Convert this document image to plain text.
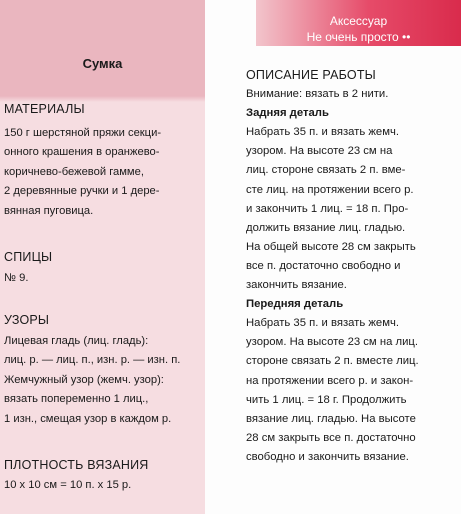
Сумка
МАТЕРИАЛЫ
150 г шерстяной пряжи секци-
онного крашения в оранжево-
коричнево-бежевой гамме,
2 деревянные ручки и 1 дере-
вянная пуговица.
СПИЦЫ
№ 9.
УЗОРЫ
Лицевая гладь (лиц. гладь):
лиц. р. — лиц. п., изн. р. — изн. п.
Жемчужный узор (жемч. узор):
вязать попеременно 1 лиц.,
1 изн., смещая узор в каждом р.
ПЛОТНОСТЬ ВЯЗАНИЯ
10 х 10 см = 10 п. х 15 р.
Аксессуар
Не очень просто ••
ОПИСАНИЕ РАБОТЫ
Внимание: вязать в 2 нити.
Задняя деталь
Набрать 35 п. и вязать жемч.
узором. На высоте 23 см на
лиц. стороне связать 2 п. вме-
сте лиц. на протяжении всего р.
и закончить 1 лиц. = 18 п. Про-
должить вязание лиц. гладью.
На общей высоте 28 см закрыть
все п. достаточно свободно и
закончить вязание.
Передняя деталь
Набрать 35 п. и вязать жемч.
узором. На высоте 23 см на лиц.
стороне связать 2 п. вместе лиц.
на протяжении всего р. и закон-
чить 1 лиц. = 18 г. Продолжить
вязание лиц. гладью. На высоте
28 см закрыть все п. достаточно
свободно и закончить вязание.
